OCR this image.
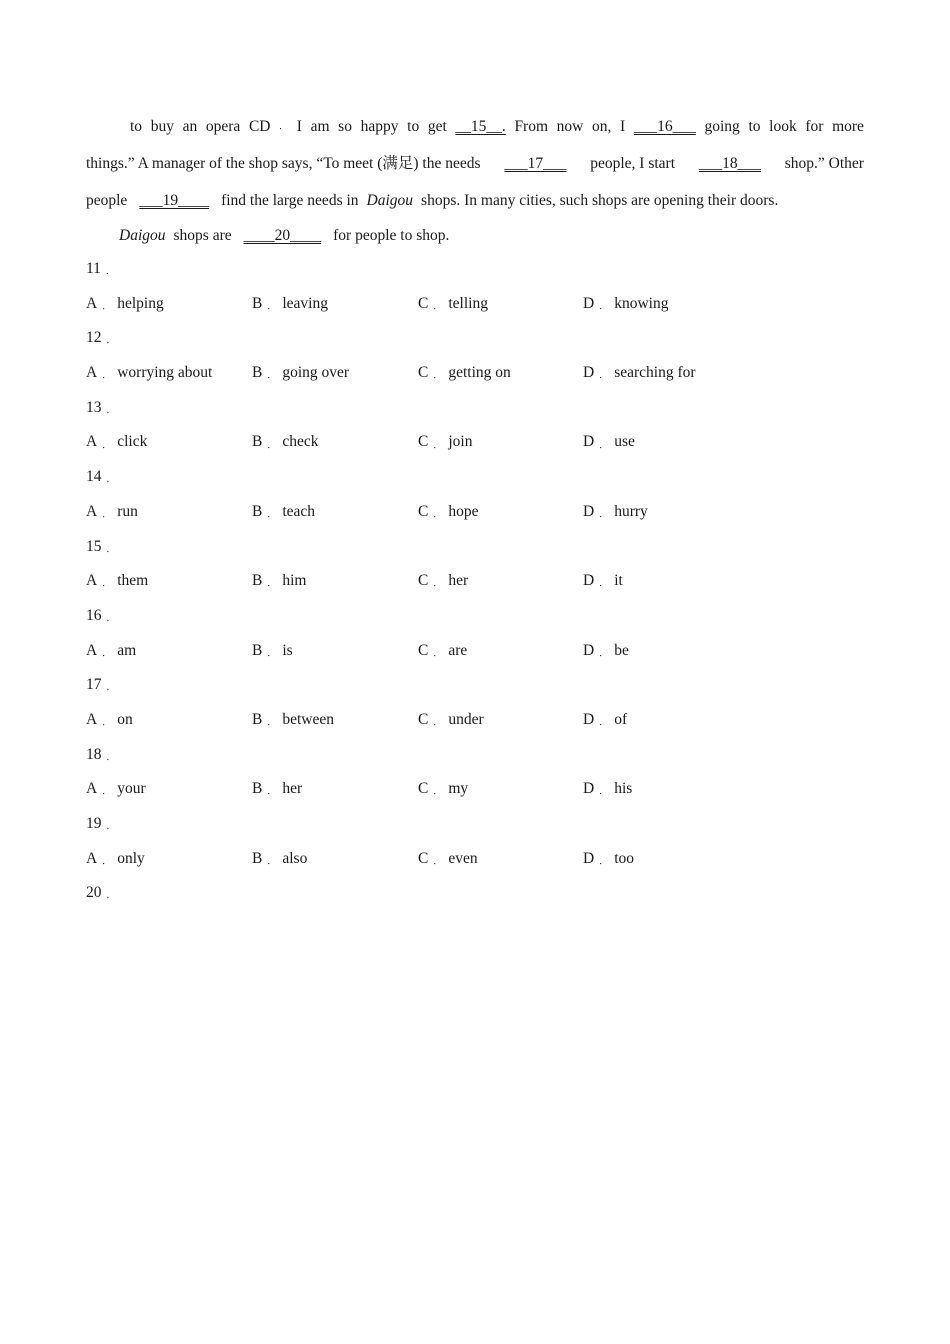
to buy an opera CD ． I am so happy to get __15__. From now on, I ___16___ going to look for more
things.” A manager of the shop says, “To meet (满足) the needs ___17___ people, I start ___18___ shop.” Other
people ___19____ find the large needs in Daigou shops. In many cities, such shops are opening their doors.
Daigou shops are ____20____ for people to shop.
11 ．
A ． helping	B ． leaving	C ． telling	D ． knowing
12 ．
A ． worrying about	B ． going over	C ． getting on	D ． searching for
13 ．
A ． click	B ． check	C ． join	D ． use
14 ．
A ． run	B ． teach	C ． hope	D ． hurry
15 ．
A ． them	B ． him	C ． her	D ． it
16 ．
A ． am	B ． is	C ． are	D ． be
17 ．
A ． on	B ． between	C ． under	D ． of
18 ．
A ． your	B ． her	C ． my	D ． his
19 ．
A ． only	B ． also	C ． even	D ． too
20 ．
